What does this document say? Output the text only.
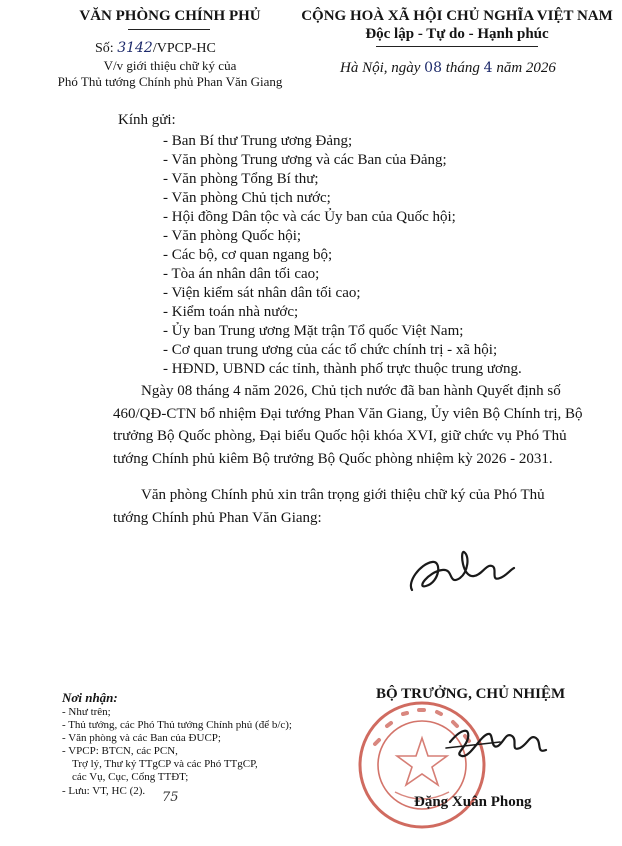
VĂN PHÒNG CHÍNH PHỦ
Số: 3142/VPCP-HC
V/v giới thiệu chữ ký của
Phó Thủ tướng Chính phủ Phan Văn Giang
CỘNG HOÀ XÃ HỘI CHỦ NGHĨA VIỆT NAM
Độc lập - Tự do - Hạnh phúc
Hà Nội, ngày 08 tháng 4 năm 2026
Kính gửi:
- Ban Bí thư Trung ương Đảng;
- Văn phòng Trung ương và các Ban của Đảng;
- Văn phòng Tổng Bí thư;
- Văn phòng Chủ tịch nước;
- Hội đồng Dân tộc và các Ủy ban của Quốc hội;
- Văn phòng Quốc hội;
- Các bộ, cơ quan ngang bộ;
- Tòa án nhân dân tối cao;
- Viện kiểm sát nhân dân tối cao;
- Kiểm toán nhà nước;
- Ủy ban Trung ương Mặt trận Tổ quốc Việt Nam;
- Cơ quan trung ương của các tổ chức chính trị - xã hội;
- HĐND, UBND các tỉnh, thành phố trực thuộc trung ương.
Ngày 08 tháng 4 năm 2026, Chủ tịch nước đã ban hành Quyết định số 460/QĐ-CTN bổ nhiệm Đại tướng Phan Văn Giang, Ủy viên Bộ Chính trị, Bộ trưởng Bộ Quốc phòng, Đại biểu Quốc hội khóa XVI, giữ chức vụ Phó Thủ tướng Chính phủ kiêm Bộ trưởng Bộ Quốc phòng nhiệm kỳ 2026 - 2031.
Văn phòng Chính phủ xin trân trọng giới thiệu chữ ký của Phó Thủ tướng Chính phủ Phan Văn Giang:
Nơi nhận:
- Như trên;
- Thủ tướng, các Phó Thủ tướng Chính phủ (để b/c);
- Văn phòng và các Ban của ĐUCP;
- VPCP: BTCN, các PCN,
Trợ lý, Thư ký TTgCP và các Phó TTgCP,
các Vụ, Cục, Cổng TTĐT;
- Lưu: VT, HC (2). 75
BỘ TRƯỞNG, CHỦ NHIỆM
Đặng Xuân Phong
